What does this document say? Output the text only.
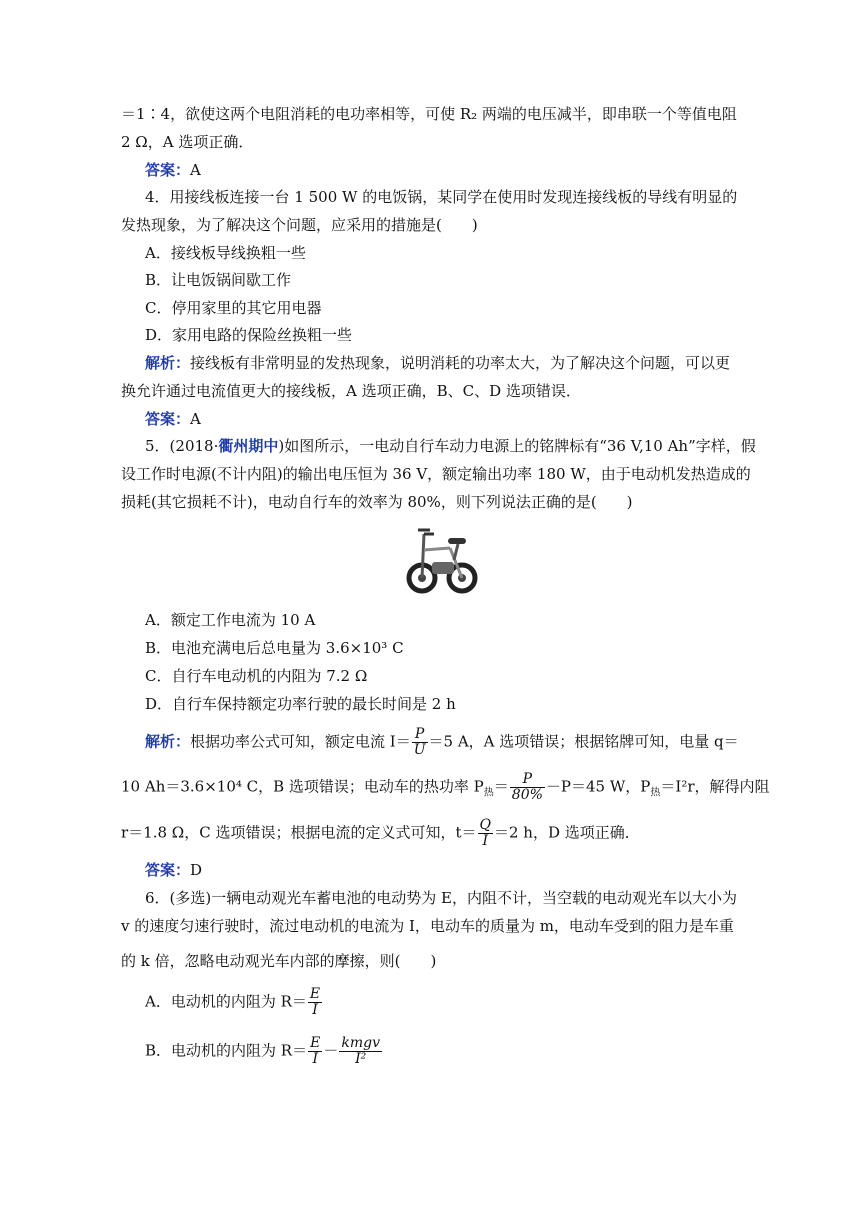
＝1∶4，欲使这两个电阻消耗的电功率相等，可使 R₂ 两端的电压减半，即串联一个等值电阻
2 Ω，A 选项正确．
答案：A
4．用接线板连接一台 1 500 W 的电饭锅，某同学在使用时发现连接线板的导线有明显的
发热现象，为了解决这个问题，应采用的措施是(　　)
A．接线板导线换粗一些
B．让电饭锅间歇工作
C．停用家里的其它用电器
D．家用电路的保险丝换粗一些
解析：接线板有非常明显的发热现象，说明消耗的功率太大，为了解决这个问题，可以更
换允许通过电流值更大的接线板，A 选项正确，B、C、D 选项错误．
答案：A
5．(2018·衢州期中)如图所示，一电动自行车动力电源上的铭牌标有“36 V,10 Ah”字样，假
设工作时电源(不计内阻)的输出电压恒为 36 V，额定输出功率 180 W，由于电动机发热造成的
损耗(其它损耗不计)，电动自行车的效率为 80%，则下列说法正确的是(　　)
A．额定工作电流为 10 A
B．电池充满电后总电量为 3.6×10³ C
C．自行车电动机的内阻为 7.2 Ω
D．自行车保持额定功率行驶的最长时间是 2 h
解析：根据功率公式可知，额定电流 $I= \frac{P}{U} =5$ A，A 选项错误；根据铭牌可知，电量 q＝
10 Ah＝3.6×10⁴ C，B 选项错误；电动车的热功率 $P_热= \frac{P}{80\%} -P=45$ W，$P_热=I^2r$，解得内阻
r＝1.8 Ω，C 选项错误；根据电流的定义式可知，$t= \frac{Q}{I} =2$ h，D 选项正确．
答案：D
6．(多选)一辆电动观光车蓄电池的电动势为 E，内阻不计，当空载的电动观光车以大小为
v 的速度匀速行驶时，流过电动机的电流为 I，电动车的质量为 m，电动车受到的阻力是车重
的 k 倍，忽略电动观光车内部的摩擦，则(　　)
A．电动机的内阻为 $R= \frac{E}{I}$
B．电动机的内阻为 $R= \frac{E}{I} - \frac{\text{kmgv}}{\text{I²}}$
